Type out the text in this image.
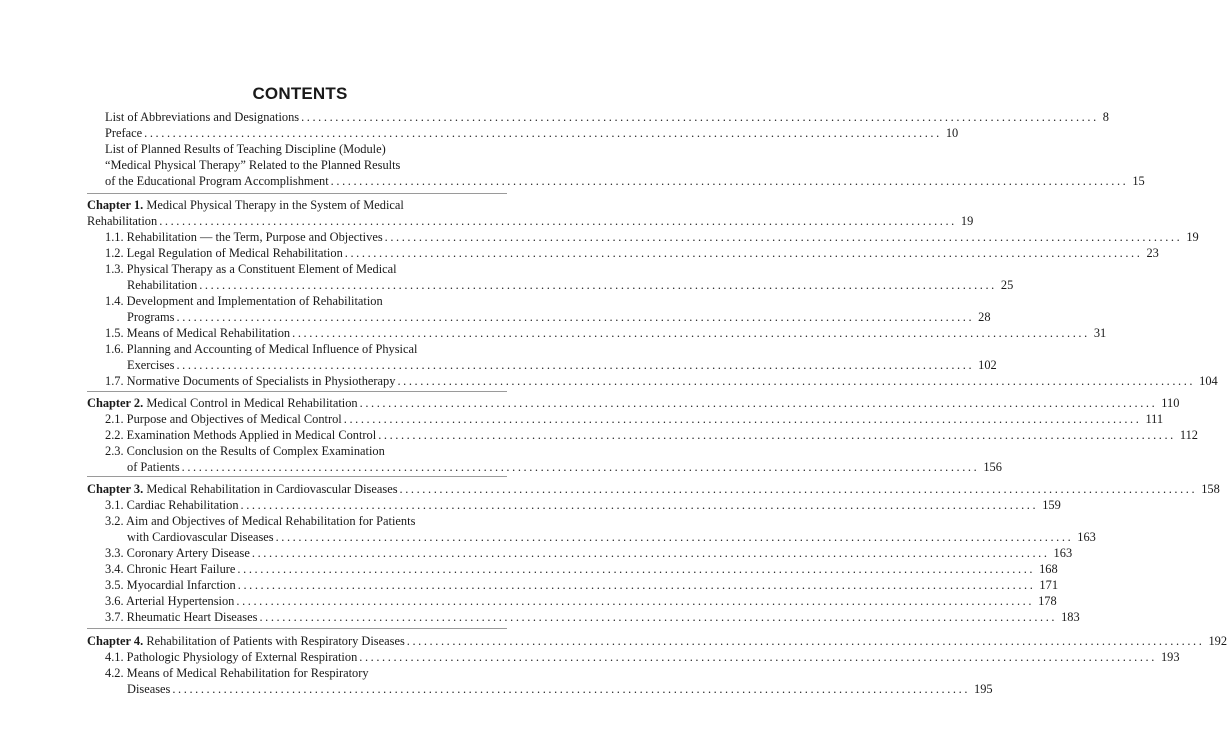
CONTENTS
List of Abbreviations and Designations ............................................................................................................................................ 8
Preface ............................................................................................................................................ 10
List of Planned Results of Teaching Discipline (Module)
“Medical Physical Therapy” Related to the Planned Results
of the Educational Program Accomplishment ............................................................................................................................................ 15
Chapter 1. Medical Physical Therapy in the System of Medical
Rehabilitation ............................................................................................................................................ 19
1.1. Rehabilitation — the Term, Purpose and Objectives ............................................................................................................................................ 19
1.2. Legal Regulation of Medical Rehabilitation ............................................................................................................................................ 23
1.3. Physical Therapy as a Constituent Element of Medical
Rehabilitation ............................................................................................................................................ 25
1.4. Development and Implementation of Rehabilitation
Programs ............................................................................................................................................ 28
1.5. Means of Medical Rehabilitation ............................................................................................................................................ 31
1.6. Planning and Accounting of Medical Influence of Physical
Exercises ............................................................................................................................................ 102
1.7. Normative Documents of Specialists in Physiotherapy ............................................................................................................................................ 104
Chapter 2. Medical Control in Medical Rehabilitation ............................................................................................................................................ 110
2.1. Purpose and Objectives of Medical Control ............................................................................................................................................ 111
2.2. Examination Methods Applied in Medical Control ............................................................................................................................................ 112
2.3. Conclusion on the Results of Complex Examination
of Patients ............................................................................................................................................ 156
Chapter 3. Medical Rehabilitation in Cardiovascular Diseases ............................................................................................................................................ 158
3.1. Cardiac Rehabilitation ............................................................................................................................................ 159
3.2. Aim and Objectives of Medical Rehabilitation for Patients
with Cardiovascular Diseases ............................................................................................................................................ 163
3.3. Coronary Artery Disease ............................................................................................................................................ 163
3.4. Chronic Heart Failure ............................................................................................................................................ 168
3.5. Myocardial Infarction ............................................................................................................................................ 171
3.6. Arterial Hypertension ............................................................................................................................................ 178
3.7. Rheumatic Heart Diseases ............................................................................................................................................ 183
Chapter 4. Rehabilitation of Patients with Respiratory Diseases ............................................................................................................................................ 192
4.1. Pathologic Physiology of External Respiration ............................................................................................................................................ 193
4.2. Means of Medical Rehabilitation for Respiratory
Diseases ............................................................................................................................................ 195
